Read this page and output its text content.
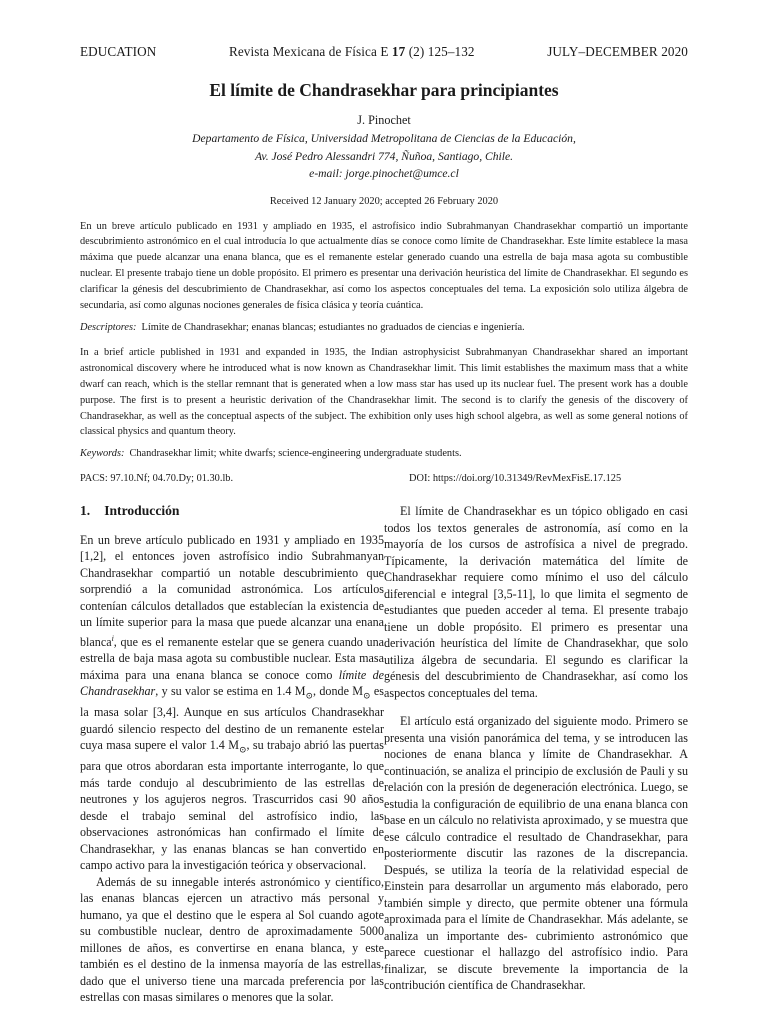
EDUCATION	Revista Mexicana de Física E 17 (2) 125–132	JULY–DECEMBER 2020
El límite de Chandrasekhar para principiantes
J. Pinochet
Departamento de Física, Universidad Metropolitana de Ciencias de la Educación,
Av. José Pedro Alessandri 774, Ñuñoa, Santiago, Chile.
e-mail: jorge.pinochet@umce.cl
Received 12 January 2020; accepted 26 February 2020
En un breve artículo publicado en 1931 y ampliado en 1935, el astrofísico indio Subrahmanyan Chandrasekhar compartió un importante descubrimiento astronómico en el cual introducía lo que actualmente días se conoce como límite de Chandrasekhar. Este límite establece la masa máxima que puede alcanzar una enana blanca, que es el remanente estelar generado cuando una estrella de baja masa agota su combustible nuclear. El presente trabajo tiene un doble propósito. El primero es presentar una derivación heurística del límite de Chandrasekhar. El segundo es clarificar la génesis del descubrimiento de Chandrasekhar, así como los aspectos conceptuales del tema. La exposición solo utiliza álgebra de secundaria, así como algunas nociones generales de física clásica y teoría cuántica.
Descriptores: Límite de Chandrasekhar; enanas blancas; estudiantes no graduados de ciencias e ingeniería.
In a brief article published in 1931 and expanded in 1935, the Indian astrophysicist Subrahmanyan Chandrasekhar shared an important astronomical discovery where he introduced what is now known as Chandrasekhar limit. This limit establishes the maximum mass that a white dwarf can reach, which is the stellar remnant that is generated when a low mass star has used up its nuclear fuel. The present work has a double purpose. The first is to present a heuristic derivation of the Chandrasekhar limit. The second is to clarify the genesis of the discovery of Chandrasekhar, as well as the conceptual aspects of the subject. The exhibition only uses high school algebra, as well as some general notions of classical physics and quantum theory.
Keywords: Chandrasekhar limit; white dwarfs; science-engineering undergraduate students.
PACS: 97.10.Nf; 04.70.Dy; 01.30.lb.	DOI: https://doi.org/10.31349/RevMexFisE.17.125
1. Introducción

En un breve artículo publicado en 1931 y ampliado en 1935 [1,2], el entonces joven astrofísico indio Subrahmanyan Chandrasekhar compartió un notable descubrimiento que sorprendió a la comunidad astronómica. Los artículos contenían cálculos detallados que establecían la existencia de un límite superior para la masa que puede alcanzar una enana blanca$^i$, que es el remanente estelar que se genera cuando una estrella de baja masa agota su combustible nuclear. Esta masa máxima para una enana blanca se conoce como límite de Chandrasekhar, y su valor se estima en 1.4 $M_⊙$, donde $M_⊙$ es la masa solar [3,4]. Aunque en sus artículos Chandrasekhar guardó silencio respecto del destino de un remanente estelar cuya masa supere el valor 1.4 $M_⊙$, su trabajo abrió las puertas para que otros abordaran esta importante interrogante, lo que más tarde condujo al descubrimiento de las estrellas de neutrones y los agujeros negros. Trascurridos casi 90 años desde el trabajo seminal del astrofísico indio, las observaciones astronómicas han confirmado el límite de Chandrasekhar, y las enanas blancas se han convertido en campo activo para la investigación teórica y observacional.

Además de su innegable interés astronómico y científico, las enanas blancas ejercen un atractivo más personal y humano, ya que el destino que le espera al Sol cuando agote su combustible nuclear, dentro de aproximadamente 5000 millones de años, es convertirse en enana blanca, y este también es el destino de la inmensa mayoría de las estrellas, dado que el universo tiene una marcada preferencia por las estrellas con masas similares o menores que la solar.

El límite de Chandrasekhar es un tópico obligado en casi todos los textos generales de astronomía, así como en la mayoría de los cursos de astrofísica a nivel de pregrado. Típicamente, la derivación matemática del límite de Chandrasekhar requiere como mínimo el uso del cálculo diferencial e integral [3,5-11], lo que limita el segmento de estudiantes que pueden acceder al tema. El presente trabajo tiene un doble propósito. El primero es presentar una derivación heurística del límite de Chandrasekhar, que solo utiliza álgebra de secundaria. El segundo es clarificar la génesis del descubrimiento de Chandrasekhar, así como los aspectos conceptuales del tema.

El artículo está organizado del siguiente modo. Primero se presenta una visión panorámica del tema, y se introducen las nociones de enana blanca y límite de Chandrasekhar. A continuación, se analiza el principio de exclusión de Pauli y su relación con la presión de degeneración electrónica. Luego, se estudia la configuración de equilibrio de una enana blanca con base en un cálculo no relativista aproximado, y se muestra que ese cálculo contradice el resultado de Chandrasekhar, para posteriormente discutir las razones de la discrepancia. Después, se utiliza la teoría de la relatividad especial de Einstein para desarrollar un argumento más elaborado, pero también simple y directo, que permite obtener una fórmula aproximada para el límite de Chandrasekhar. Más adelante, se analiza un importante des- cubrimiento astronómico que parece cuestionar el hallazgo del astrofísico indio. Para finalizar, se discute brevemente la importancia de la contribución científica de Chandrasekhar.
